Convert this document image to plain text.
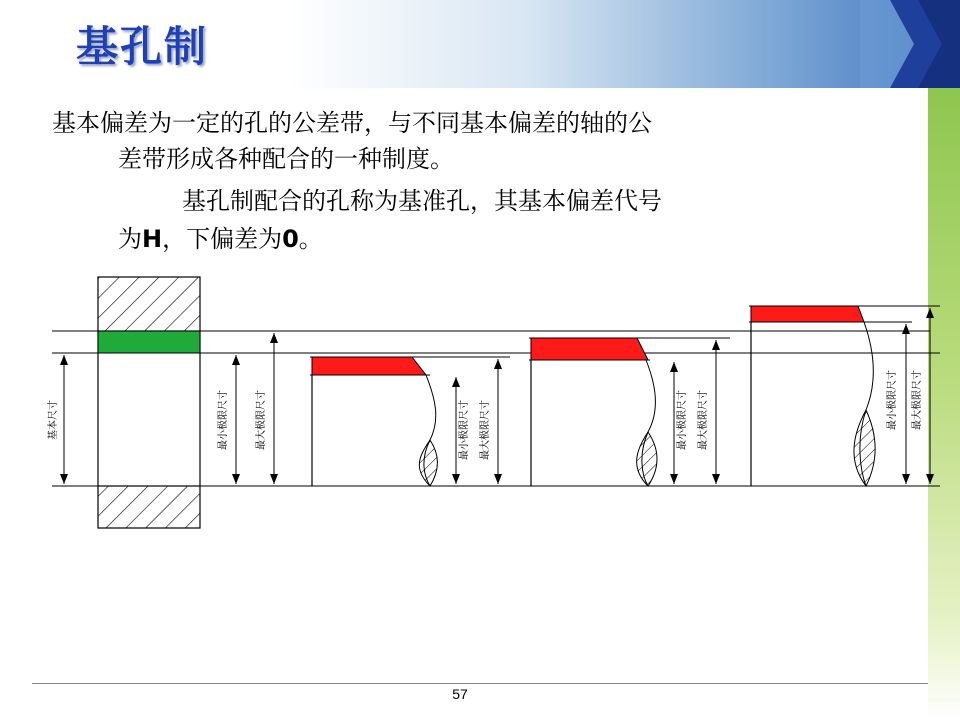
基孔制
基本偏差为一定的孔的公差带，与不同基本偏差的轴的公
差带形成各种配合的一种制度。
基孔制配合的孔称为基准孔，其基本偏差代号
为H，下偏差为0。
基本尺寸	最小极限尺寸	最大极限尺寸	最小极限尺寸 最大极限尺寸	最小极限尺寸 最大极限尺寸	最小极限尺寸 最大极限尺寸
57
